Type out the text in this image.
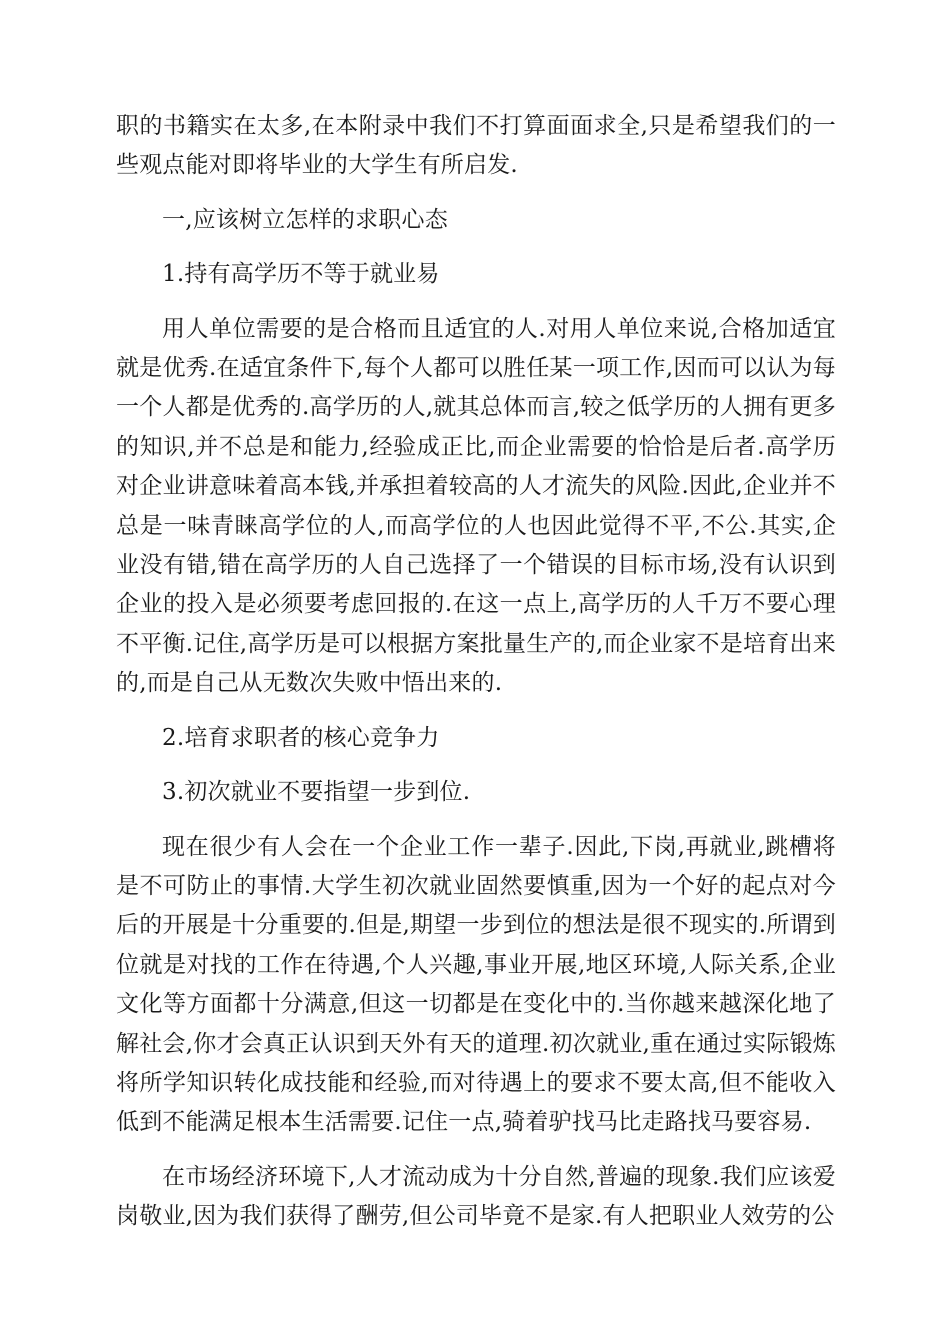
职的书籍实在太多,在本附录中我们不打算面面求全,只是希望我们的一些观点能对即将毕业的大学生有所启发.

一,应该树立怎样的求职心态

1.持有高学历不等于就业易

用人单位需要的是合格而且适宜的人.对用人单位来说,合格加适宜就是优秀.在适宜条件下,每个人都可以胜任某一项工作,因而可以认为每一个人都是优秀的.高学历的人,就其总体而言,较之低学历的人拥有更多的知识,并不总是和能力,经验成正比,而企业需要的恰恰是后者.高学历对企业讲意味着高本钱,并承担着较高的人才流失的风险.因此,企业并不总是一味青睐高学位的人,而高学位的人也因此觉得不平,不公.其实,企业没有错,错在高学历的人自己选择了一个错误的目标市场,没有认识到企业的投入是必须要考虑回报的.在这一点上,高学历的人千万不要心理不平衡.记住,高学历是可以根据方案批量生产的,而企业家不是培育出来的,而是自己从无数次失败中悟出来的.

2.培育求职者的核心竞争力

3.初次就业不要指望一步到位.

现在很少有人会在一个企业工作一辈子.因此,下岗,再就业,跳槽将是不可防止的事情.大学生初次就业固然要慎重,因为一个好的起点对今后的开展是十分重要的.但是,期望一步到位的想法是很不现实的.所谓到位就是对找的工作在待遇,个人兴趣,事业开展,地区环境,人际关系,企业文化等方面都十分满意,但这一切都是在变化中的.当你越来越深化地了解社会,你才会真正认识到天外有天的道理.初次就业,重在通过实际锻炼将所学知识转化成技能和经验,而对待遇上的要求不要太高,但不能收入低到不能满足根本生活需要.记住一点,骑着驴找马比走路找马要容易.

在市场经济环境下,人才流动成为十分自然,普遍的现象.我们应该爱岗敬业,因为我们获得了酬劳,但公司毕竟不是家.有人把职业人效劳的公
